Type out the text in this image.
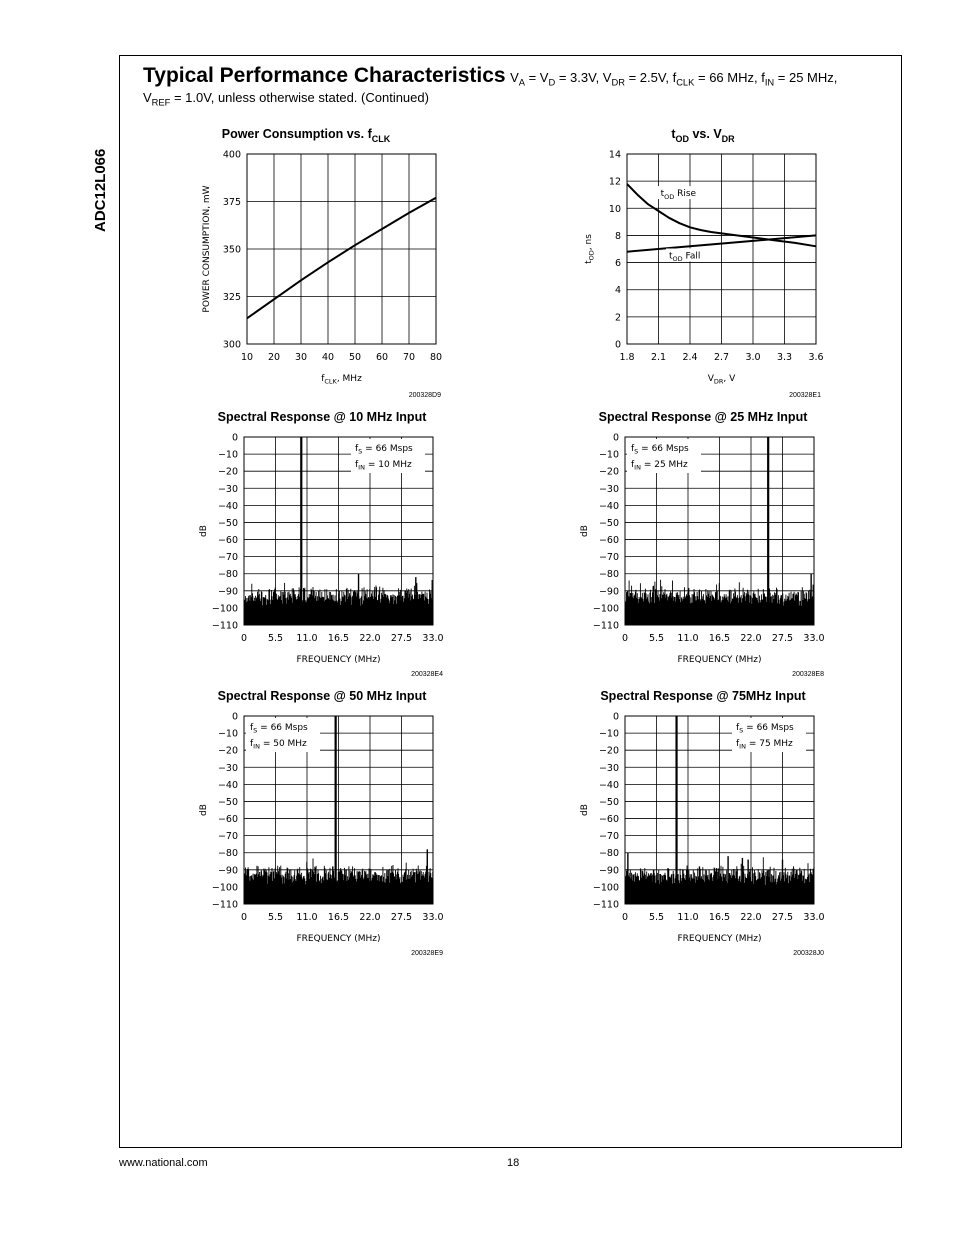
ADC12L066
Typical Performance Characteristics $V_A = V_D = 3.3V$, $V_{DR} = 2.5V$, $f_{CLK} = 66$ MHz, $f_{IN} = 25$ MHz,
$V_{REF} = 1.0V$, unless otherwise stated. (Continued)
Power Consumption vs. $f_{CLK}$
10 20 30 40 50 60 70 80
300
325
350
375
400
$f_{CLK}$, MHz
POWER CONSUMPTION, mW
200328D9
$t_{OD}$ vs. $V_{DR}$
1.8 2.1 2.4 2.7 3.0 3.3 3.6
0
2
4
6
8
10
12
14
$V_{DR}$, V
$t_{OD}$, ns
200328E1
$t_{OD}$ Rise
$t_{OD}$ Fall
Spectral Response @ 10 MHz Input
0 5.5 11.0 16.5 22.0 27.5 33.0
0
−10
−20
−30
−40
−50
−60
−70
−80
−90
−100
−110
FREQUENCY (MHz)
dB
200328E4
$f_S = 66$ Msps
$f_{IN} = 10$ MHz
Spectral Response @ 25 MHz Input
0 5.5 11.0 16.5 22.0 27.5 33.0
0
−10
−20
−30
−40
−50
−60
−70
−80
−90
−100
−110
FREQUENCY (MHz)
dB
200328E8
$f_S = 66$ Msps
$f_{IN} = 25$ MHz
Spectral Response @ 50 MHz Input
0 5.5 11.0 16.5 22.0 27.5 33.0
0
−10
−20
−30
−40
−50
−60
−70
−80
−90
−100
−110
FREQUENCY (MHz)
dB
200328E9
$f_S = 66$ Msps
$f_{IN} = 50$ MHz
Spectral Response @ 75MHz Input
0 5.5 11.0 16.5 22.0 27.5 33.0
0
−10
−20
−30
−40
−50
−60
−70
−80
−90
−100
−110
FREQUENCY (MHz)
dB
200328J0
$f_S = 66$ Msps
$f_{IN} = 75$ MHz
www.national.com	18
